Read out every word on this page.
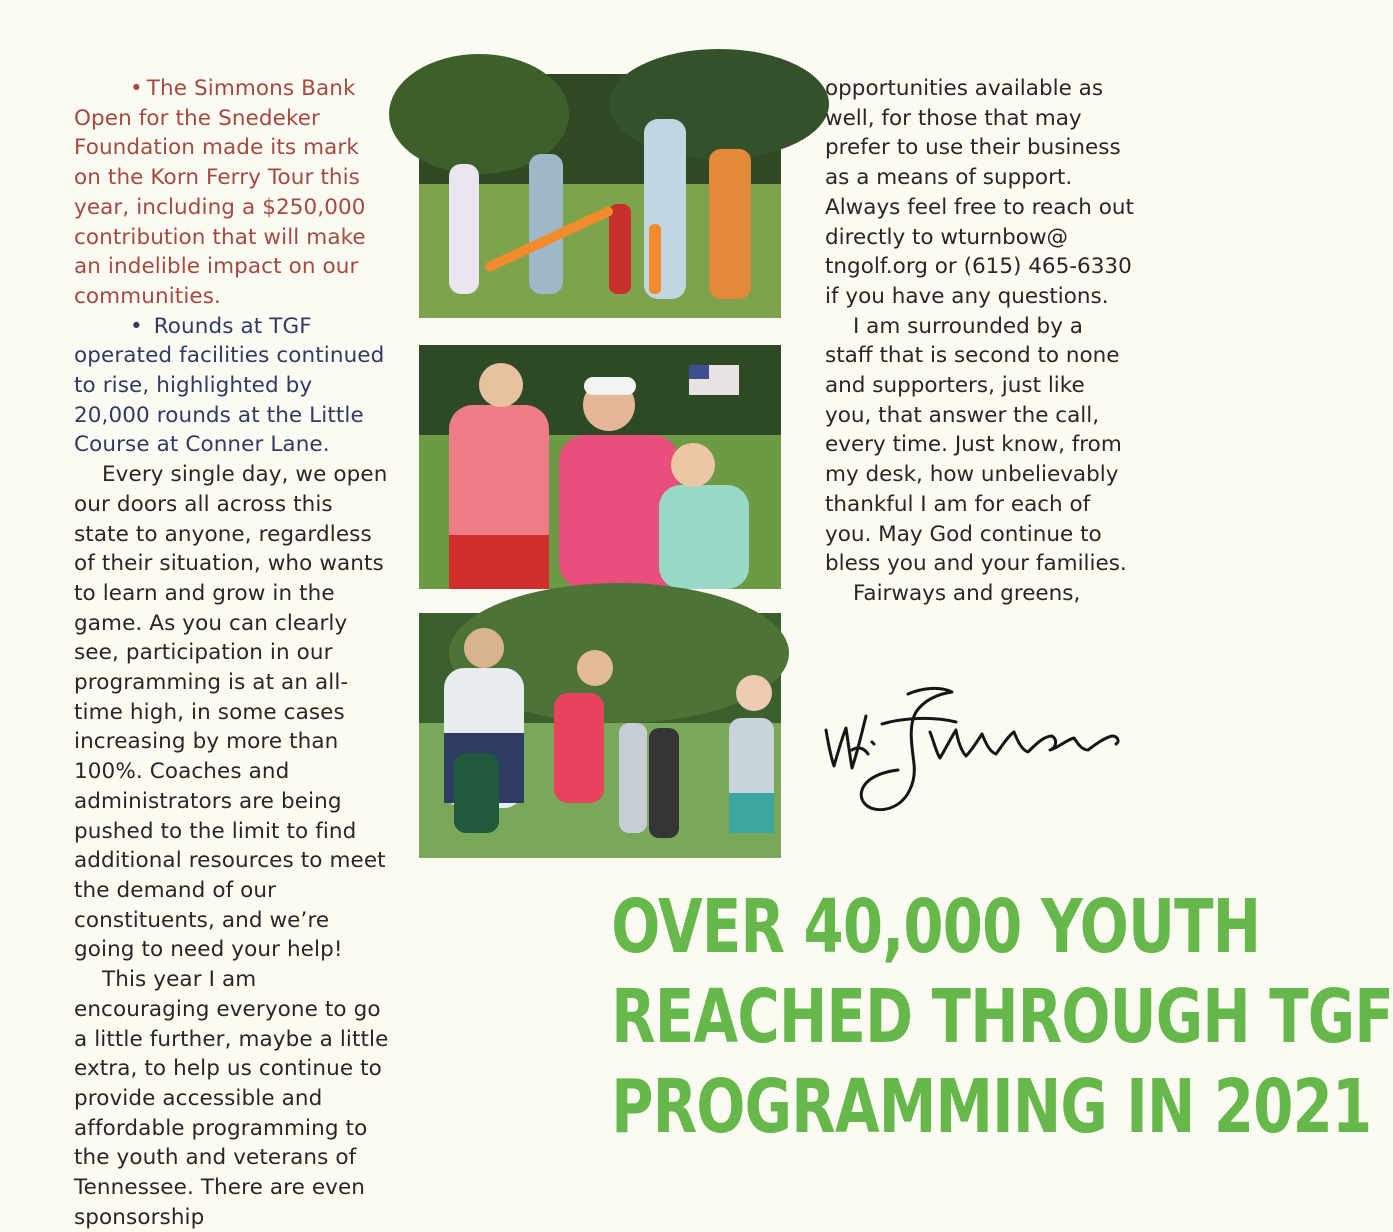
• The Simmons Bank Open for the Snedeker Foundation made its mark on the Korn Ferry Tour this year, including a $250,000 contribution that will make an indelible impact on our communities.

• Rounds at TGF operated facilities continued to rise, highlighted by 20,000 rounds at the Little Course at Conner Lane.

Every single day, we open our doors all across this state to anyone, regardless of their situation, who wants to learn and grow in the game. As you can clearly see, participation in our programming is at an all-time high, in some cases increasing by more than 100%. Coaches and administrators are being pushed to the limit to find additional resources to meet the demand of our constituents, and we’re going to need your help!

This year I am encouraging everyone to go a little further, maybe a little extra, to help us continue to provide accessible and affordable programming to the youth and veterans of Tennessee. There are even sponsorship

opportunities available as well, for those that may prefer to use their business as a means of support. Always feel free to reach out directly to wturnbow@ tngolf.org or (615) 465-6330 if you have any questions.

I am surrounded by a staff that is second to none and supporters, just like you, that answer the call, every time. Just know, from my desk, how unbelievably thankful I am for each of you. May God continue to bless you and your families.

Fairways and greens,

OVER 40,000 YOUTH
REACHED THROUGH TGF
PROGRAMMING IN 2021
